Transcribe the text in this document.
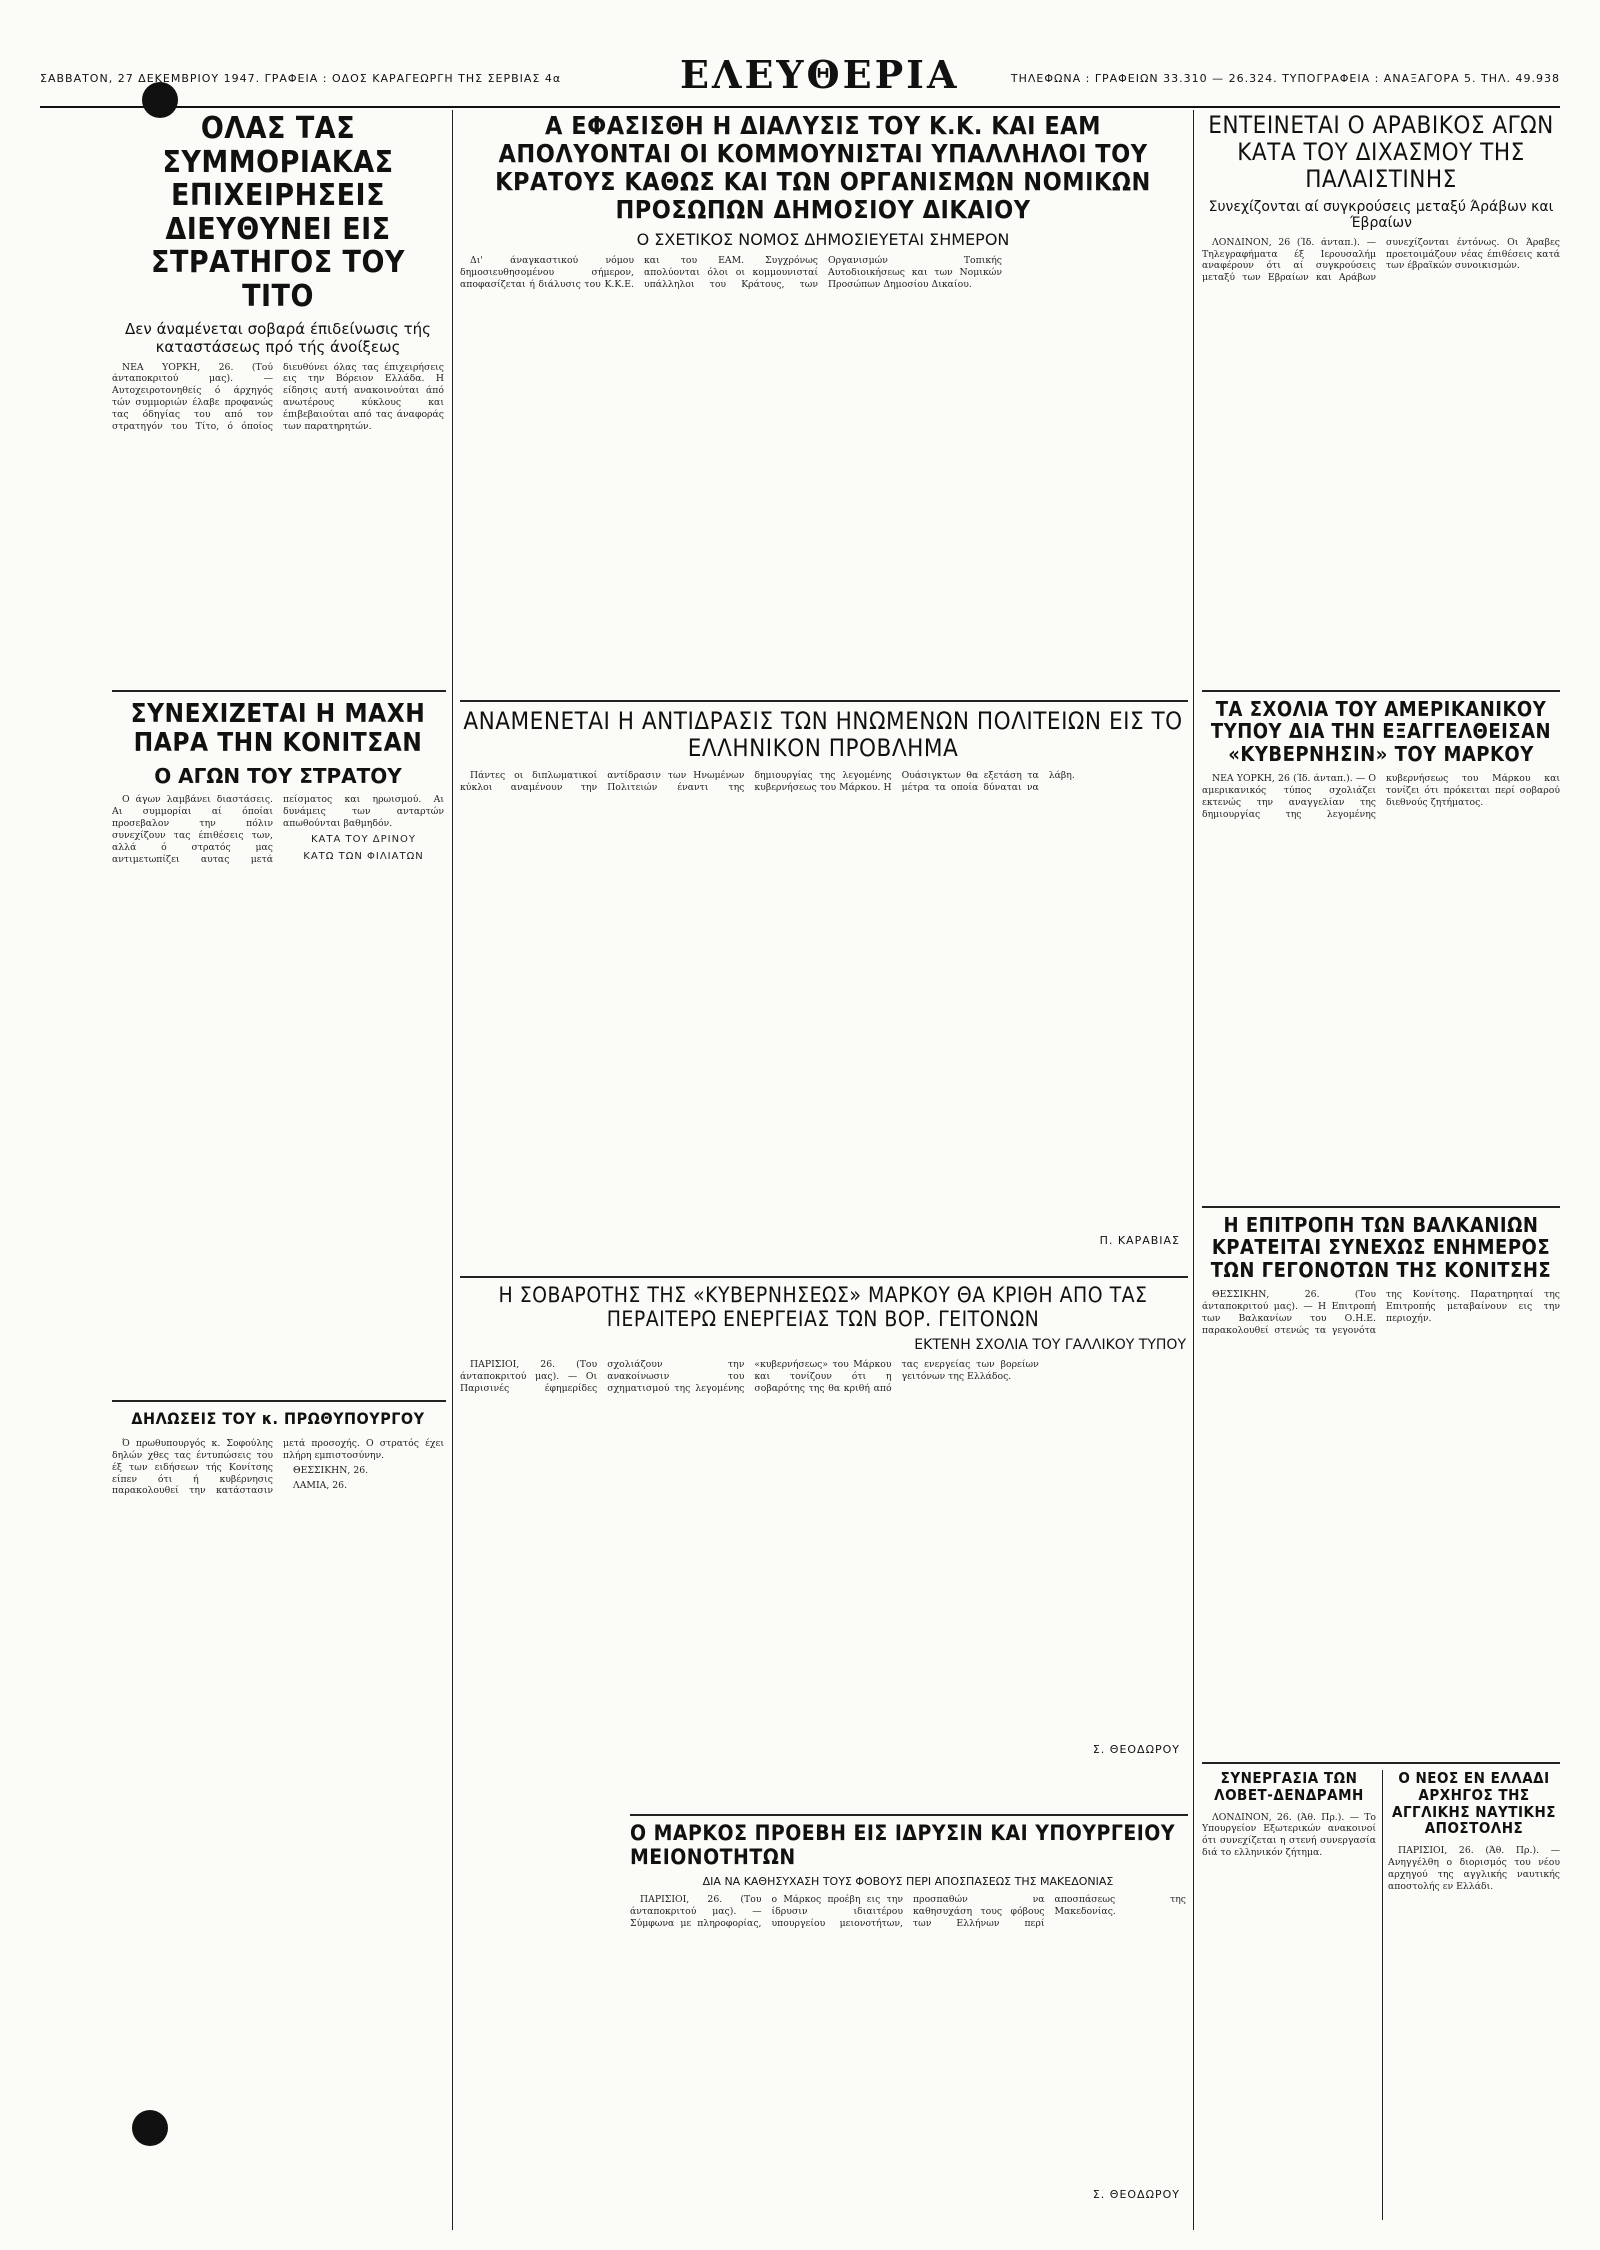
ΣΑΒΒΑΤΟΝ, 27 ΔΕΚΕΜΒΡΙΟΥ 1947. ΓΡΑΦΕΙΑ : ΟΔΟΣ ΚΑΡΑΓΕΩΡΓΗ ΤΗΣ ΣΕΡΒΙΑΣ 4α	ΕΛΕΥΘΕΡΙΑ	ΤΗΛΕΦΩΝΑ : ΓΡΑΦΕΙΩΝ 33.310 — 26.324. ΤΥΠΟΓΡΑΦΕΙΑ : ΑΝΑΞΑΓΟΡΑ 5. ΤΗΛ. 49.938
ΟΛΑΣ ΤΑΣ ΣΥΜΜΟΡΙΑΚΑΣ ΕΠΙΧΕΙΡΗΣΕΙΣ ΔΙΕΥΘΥΝΕΙ ΕΙΣ ΣΤΡΑΤΗΓΟΣ ΤΟΥ ΤΙΤΟ
Δεν άναμένεται σοβαρά έπιδείνωσις τής καταστάσεως πρό τής άνοίξεως

ΝΕΑ ΥΟΡΚΗ, 26. (Τού άνταποκριτού μας). — Αυτοχειροτονηθείς ό άρχηγός τών συμμοριών έλαβε προφανώς τας όδηγίας του από τον στρατηγόν του Τίτο, ό όποίος διευθύνει όλας τας έπιχειρήσεις εις την Βόρειον Ελλάδα. Η είδησις αυτή ανακοινούται άπό ανωτέρους κύκλους και έπιβεβαιούται από τας άναφοράς των παρατηρητών.

ΣΥΝΕΧΙΖΕΤΑΙ Η ΜΑΧΗ ΠΑΡΑ ΤΗΝ ΚΟΝΙΤΣΑΝ
Ο ΑΓΩΝ ΤΟΥ ΣΤΡΑΤΟΥ

Ο άγων λαμβάνει διαστάσεις. Αι συμμορίαι αί όποίαι προσεβαλον την πόλιν συνεχίζουν τας έπιθέσεις των, αλλά ό στρατός μας αντιμετωπίζει αυτας μετά πείσματος και ηρωισμού. Αι δυνάμεις των ανταρτών απωθούνται βαθμηδόν.

ΚΑΤΑ ΤΟΥ ΔΡΙΝΟΥ
ΚΑΤΩ ΤΩΝ ΦΙΛΙΑΤΩΝ
ΔΗΛΩΣΕΙΣ ΤΟΥ κ. ΠΡΩΘΥΠΟΥΡΓΟΥ

Ό πρωθυπουργός κ. Σοφούλης δηλών χθες τας έντυπώσεις του έξ των ειδήσεων τής Κονίτσης είπεν ότι ή κυβέρνησις παρακολουθεί την κατάστασιν μετά προσοχής. Ο στρατός έχει πλήρη εμπιστοσύνην.

ΘΕΣΣΙΚΗΝ, 26.

ΛΑΜΙΑ, 26.

Α ΕΦΑΣΙΣΘΗ Η ΔΙΑΛΥΣΙΣ ΤΟΥ Κ.Κ. ΚΑΙ ΕΑΜ ΑΠΟΛΥΟΝΤΑΙ ΟΙ ΚΟΜΜΟΥΝΙΣΤΑΙ ΥΠΑΛΛΗΛΟΙ ΤΟΥ ΚΡΑΤΟΥΣ ΚΑΘΩΣ ΚΑΙ ΤΩΝ ΟΡΓΑΝΙΣΜΩΝ ΝΟΜΙΚΩΝ ΠΡΟΣΩΠΩΝ ΔΗΜΟΣΙΟΥ ΔΙΚΑΙΟΥ
Ο ΣΧΕΤΙΚΟΣ ΝΟΜΟΣ ΔΗΜΟΣΙΕΥΕΤΑΙ ΣΗΜΕΡΟΝ

Δι' άναγκαστικού νόμου δημοσιευθησομένου σήμερον, αποφασίζεται ή διάλυσις του Κ.Κ.Ε. και του ΕΑΜ. Συγχρόνως απολύονται όλοι οι κομμουνισταί υπάλληλοι του Κράτους, των Οργανισμών Τοπικής Αυτοδιοικήσεως και των Νομικών Προσώπων Δημοσίου Δικαίου.

ΑΝΑΜΕΝΕΤΑΙ Η ΑΝΤΙΔΡΑΣΙΣ ΤΩΝ ΗΝΩΜΕΝΩΝ ΠΟΛΙΤΕΙΩΝ ΕΙΣ ΤΟ ΕΛΛΗΝΙΚΟΝ ΠΡΟΒΛΗΜΑ

Πάντες οι διπλωματικοί κύκλοι αναμένουν την αντίδρασιν των Ηνωμένων Πολιτειών έναντι της δημιουργίας της λεγομένης κυβερνήσεως του Μάρκου. Η Ουάσιγκτων θα εξετάση τα μέτρα τα οποία δύναται να λάβη.

Π. ΚΑΡΑΒΙΑΣ
Η ΣΟΒΑΡΟΤΗΣ ΤΗΣ «ΚΥΒΕΡΝΗΣΕΩΣ» ΜΑΡΚΟΥ ΘΑ ΚΡΙΘΗ ΑΠΟ ΤΑΣ ΠΕΡΑΙΤΕΡΩ ΕΝΕΡΓΕΙΑΣ ΤΩΝ ΒΟΡ. ΓΕΙΤΟΝΩΝ
ΕΚΤΕΝΗ ΣΧΟΛΙΑ ΤΟΥ ΓΑΛΛΙΚΟΥ ΤΥΠΟΥ

ΠΑΡΙΣΙΟΙ, 26. (Του άνταποκριτού μας). — Οι Παρισινές έφημερίδες σχολιάζουν την ανακοίνωσιν του σχηματισμού της λεγομένης «κυβερνήσεως» του Μάρκου και τονίζουν ότι η σοβαρότης της θα κριθή από τας ενεργείας των βορείων γειτόνων της Ελλάδος.

Σ. ΘΕΟΔΩΡΟΥ
Ο ΜΑΡΚΟΣ ΠΡΟΕΒΗ ΕΙΣ ΙΔΡΥΣΙΝ ΚΑΙ ΥΠΟΥΡΓΕΙΟΥ ΜΕΙΟΝΟΤΗΤΩΝ
ΔΙΑ ΝΑ ΚΑΘΗΣΥΧΑΣΗ ΤΟΥΣ ΦΟΒΟΥΣ ΠΕΡΙ ΑΠΟΣΠΑΣΕΩΣ ΤΗΣ ΜΑΚΕΔΟΝΙΑΣ

ΠΑΡΙΣΙΟΙ, 26. (Του άνταποκριτού μας). — Σύμφωνα με πληροφορίας, ο Μάρκος προέβη εις την ίδρυσιν ιδιαιτέρου υπουργείου μειονοτήτων, προσπαθών να καθησυχάση τους φόβους των Ελλήνων περί αποσπάσεως της Μακεδονίας.

Σ. ΘΕΟΔΩΡΟΥ
ΕΝΤΕΙΝΕΤΑΙ Ο ΑΡΑΒΙΚΟΣ ΑΓΩΝ ΚΑΤΑ ΤΟΥ ΔΙΧΑΣΜΟΥ ΤΗΣ ΠΑΛΑΙΣΤΙΝΗΣ
Συνεχίζονται αί συγκρούσεις μεταξύ Άράβων και Έβραίων

ΛΟΝΔΙΝΟΝ, 26 (Ίδ. άνταπ.). — Τηλεγραφήματα έξ Ιερουσαλήμ αναφέρουν ότι αί συγκρούσεις μεταξύ των Εβραίων και Αράβων συνεχίζονται έντόνως. Οι Άραβες προετοιμάζουν νέας έπιθέσεις κατά των έβραϊκών συνοικισμών.

ΤΑ ΣΧΟΛΙΑ ΤΟΥ ΑΜΕΡΙΚΑΝΙΚΟΥ ΤΥΠΟΥ ΔΙΑ ΤΗΝ ΕΞΑΓΓΕΛΘΕΙΣΑΝ «ΚΥΒΕΡΝΗΣΙΝ» ΤΟΥ ΜΑΡΚΟΥ

ΝΕΑ ΥΟΡΚΗ, 26 (Ίδ. άνταπ.). — Ο αμερικανικός τύπος σχολιάζει εκτενώς την αναγγελίαν της δημιουργίας της λεγομένης κυβερνήσεως του Μάρκου και τονίζει ότι πρόκειται περί σοβαρού διεθνούς ζητήματος.

Η ΕΠΙΤΡΟΠΗ ΤΩΝ ΒΑΛΚΑΝΙΩΝ ΚΡΑΤΕΙΤΑΙ ΣΥΝΕΧΩΣ ΕΝΗΜΕΡΟΣ ΤΩΝ ΓΕΓΟΝΟΤΩΝ ΤΗΣ ΚΟΝΙΤΣΗΣ

ΘΕΣΣΙΚΗΝ, 26. (Του άνταποκριτού μας). — Η Επιτροπή των Βαλκανίων του Ο.Η.Ε. παρακολουθεί στενώς τα γεγονότα της Κονίτσης. Παρατηρηταί της Επιτροπής μεταβαίνουν εις την περιοχήν.

ΣΥΝΕΡΓΑΣΙΑ ΤΩΝ ΛΟΒΕΤ-ΔΕΝΔΡΑΜΗ

ΛΟΝΔΙΝΟΝ, 26. (Άθ. Πρ.). — Το Υπουργείον Εξωτερικών ανακοινοί ότι συνεχίζεται η στενή συνεργασία διά το ελληνικόν ζήτημα.

Ο ΝΕΟΣ ΕΝ ΕΛΛΑΔΙ ΑΡΧΗΓΟΣ ΤΗΣ ΑΓΓΛΙΚΗΣ ΝΑΥΤΙΚΗΣ ΑΠΟΣΤΟΛΗΣ

ΠΑΡΙΣΙΟΙ, 26. (Άθ. Πρ.). — Ανηγγέλθη ο διορισμός του νέου αρχηγού της αγγλικής ναυτικής αποστολής εν Ελλάδι.
